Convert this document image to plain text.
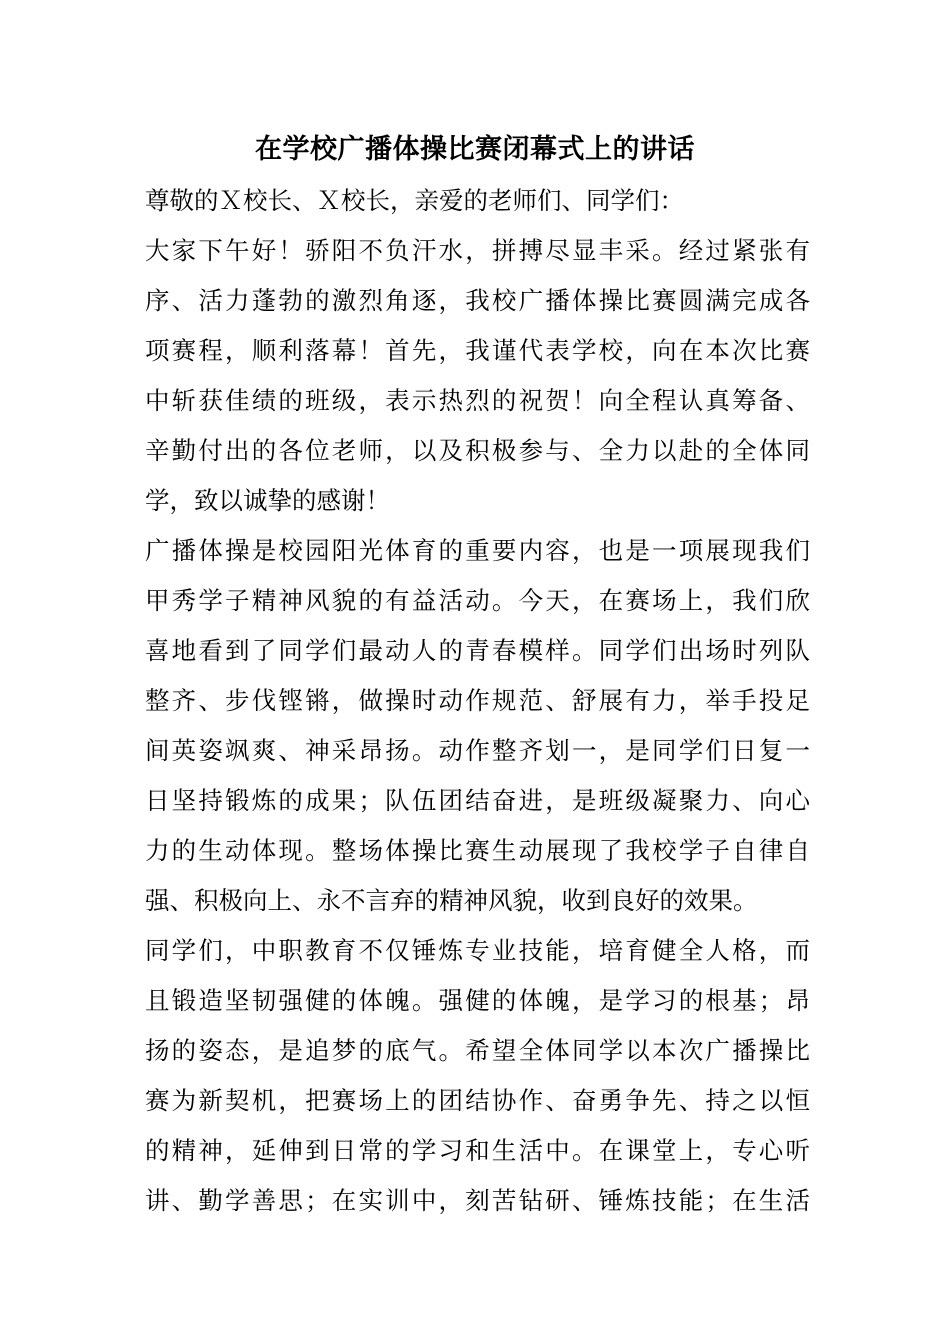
在学校广播体操比赛闭幕式上的讲话
尊敬的Ｘ校长、Ｘ校长，亲爱的老师们、同学们：
大家下午好！骄阳不负汗水，拼搏尽显丰采。经过紧张有
序、活力蓬勃的激烈角逐，我校广播体操比赛圆满完成各
项赛程，顺利落幕！首先，我谨代表学校，向在本次比赛
中斩获佳绩的班级，表示热烈的祝贺！向全程认真筹备、
辛勤付出的各位老师，以及积极参与、全力以赴的全体同
学，致以诚挚的感谢！
广播体操是校园阳光体育的重要内容，也是一项展现我们
甲秀学子精神风貌的有益活动。今天，在赛场上，我们欣
喜地看到了同学们最动人的青春模样。同学们出场时列队
整齐、步伐铿锵，做操时动作规范、舒展有力，举手投足
间英姿飒爽、神采昂扬。动作整齐划一，是同学们日复一
日坚持锻炼的成果；队伍团结奋进，是班级凝聚力、向心
力的生动体现。整场体操比赛生动展现了我校学子自律自
强、积极向上、永不言弃的精神风貌，收到良好的效果。
同学们，中职教育不仅锤炼专业技能，培育健全人格，而
且锻造坚韧强健的体魄。强健的体魄，是学习的根基；昂
扬的姿态，是追梦的底气。希望全体同学以本次广播操比
赛为新契机，把赛场上的团结协作、奋勇争先、持之以恒
的精神，延伸到日常的学习和生活中。在课堂上，专心听
讲、勤学善思；在实训中，刻苦钻研、锤炼技能；在生活
